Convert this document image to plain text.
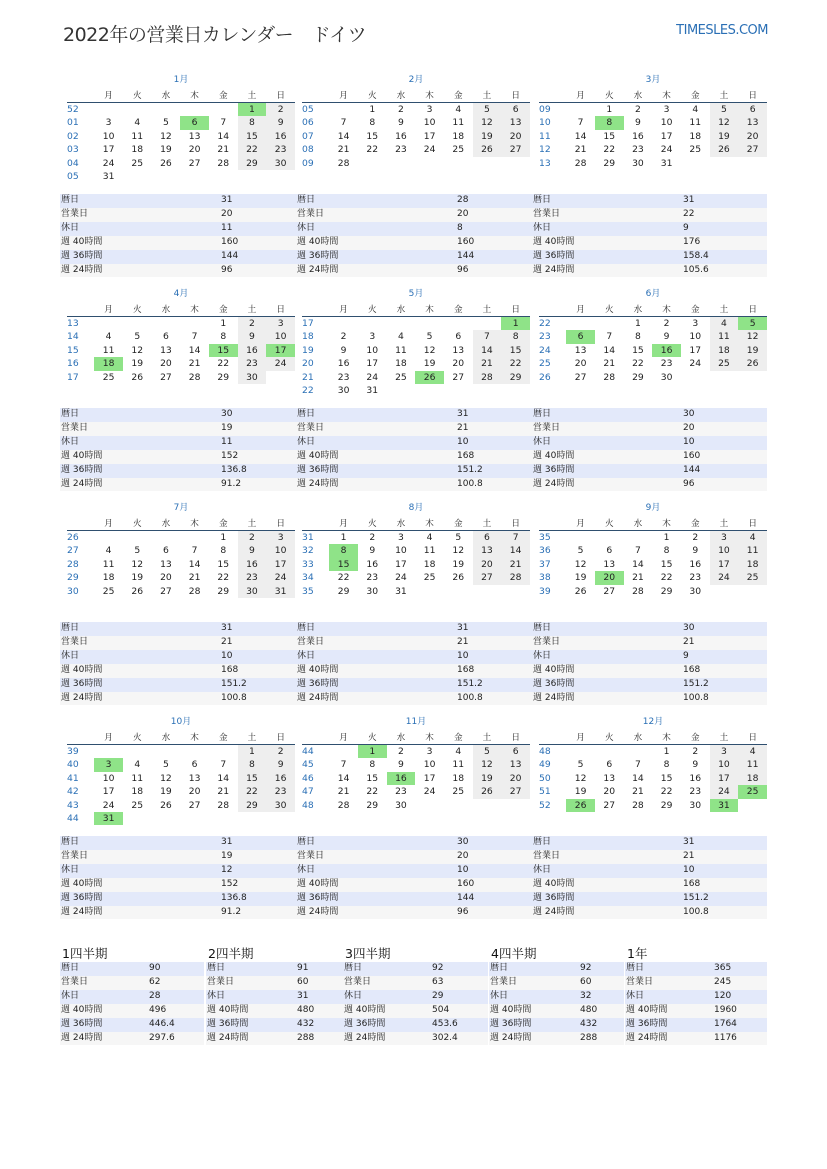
2022年の営業日カレンダー　ドイツ	TIMESLES.COM
1月
	月	火	水	木	金	土	日
52						1	2
01	3	4	5	6	7	8	9
02	10	11	12	13	14	15	16
03	17	18	19	20	21	22	23
04	24	25	26	27	28	29	30
05	31						
暦日	31
営業日	20
休日	11
週 40時間	160
週 36時間	144
週 24時間	96
2月
	月	火	水	木	金	土	日
05		1	2	3	4	5	6
06	7	8	9	10	11	12	13
07	14	15	16	17	18	19	20
08	21	22	23	24	25	26	27
09	28						
暦日	28
営業日	20
休日	8
週 40時間	160
週 36時間	144
週 24時間	96
3月
	月	火	水	木	金	土	日
09		1	2	3	4	5	6
10	7	8	9	10	11	12	13
11	14	15	16	17	18	19	20
12	21	22	23	24	25	26	27
13	28	29	30	31			
暦日	31
営業日	22
休日	9
週 40時間	176
週 36時間	158.4
週 24時間	105.6
4月
	月	火	水	木	金	土	日
13					1	2	3
14	4	5	6	7	8	9	10
15	11	12	13	14	15	16	17
16	18	19	20	21	22	23	24
17	25	26	27	28	29	30	
暦日	30
営業日	19
休日	11
週 40時間	152
週 36時間	136.8
週 24時間	91.2
5月
	月	火	水	木	金	土	日
17							1
18	2	3	4	5	6	7	8
19	9	10	11	12	13	14	15
20	16	17	18	19	20	21	22
21	23	24	25	26	27	28	29
22	30	31					
暦日	31
営業日	21
休日	10
週 40時間	168
週 36時間	151.2
週 24時間	100.8
6月
	月	火	水	木	金	土	日
22			1	2	3	4	5
23	6	7	8	9	10	11	12
24	13	14	15	16	17	18	19
25	20	21	22	23	24	25	26
26	27	28	29	30			
暦日	30
営業日	20
休日	10
週 40時間	160
週 36時間	144
週 24時間	96
7月
	月	火	水	木	金	土	日
26					1	2	3
27	4	5	6	7	8	9	10
28	11	12	13	14	15	16	17
29	18	19	20	21	22	23	24
30	25	26	27	28	29	30	31
暦日	31
営業日	21
休日	10
週 40時間	168
週 36時間	151.2
週 24時間	100.8
8月
	月	火	水	木	金	土	日
31	1	2	3	4	5	6	7
32	8	9	10	11	12	13	14
33	15	16	17	18	19	20	21
34	22	23	24	25	26	27	28
35	29	30	31				
暦日	31
営業日	21
休日	10
週 40時間	168
週 36時間	151.2
週 24時間	100.8
9月
	月	火	水	木	金	土	日
35				1	2	3	4
36	5	6	7	8	9	10	11
37	12	13	14	15	16	17	18
38	19	20	21	22	23	24	25
39	26	27	28	29	30		
暦日	30
営業日	21
休日	9
週 40時間	168
週 36時間	151.2
週 24時間	100.8
10月
	月	火	水	木	金	土	日
39						1	2
40	3	4	5	6	7	8	9
41	10	11	12	13	14	15	16
42	17	18	19	20	21	22	23
43	24	25	26	27	28	29	30
44	31						
暦日	31
営業日	19
休日	12
週 40時間	152
週 36時間	136.8
週 24時間	91.2
11月
	月	火	水	木	金	土	日
44		1	2	3	4	5	6
45	7	8	9	10	11	12	13
46	14	15	16	17	18	19	20
47	21	22	23	24	25	26	27
48	28	29	30				
暦日	30
営業日	20
休日	10
週 40時間	160
週 36時間	144
週 24時間	96
12月
	月	火	水	木	金	土	日
48				1	2	3	4
49	5	6	7	8	9	10	11
50	12	13	14	15	16	17	18
51	19	20	21	22	23	24	25
52	26	27	28	29	30	31	
暦日	31
営業日	21
休日	10
週 40時間	168
週 36時間	151.2
週 24時間	100.8
1四半期
暦日	90
営業日	62
休日	28
週 40時間	496
週 36時間	446.4
週 24時間	297.6
2四半期
暦日	91
営業日	60
休日	31
週 40時間	480
週 36時間	432
週 24時間	288
3四半期
暦日	92
営業日	63
休日	29
週 40時間	504
週 36時間	453.6
週 24時間	302.4
4四半期
暦日	92
営業日	60
休日	32
週 40時間	480
週 36時間	432
週 24時間	288
1年
暦日	365
営業日	245
休日	120
週 40時間	1960
週 36時間	1764
週 24時間	1176
